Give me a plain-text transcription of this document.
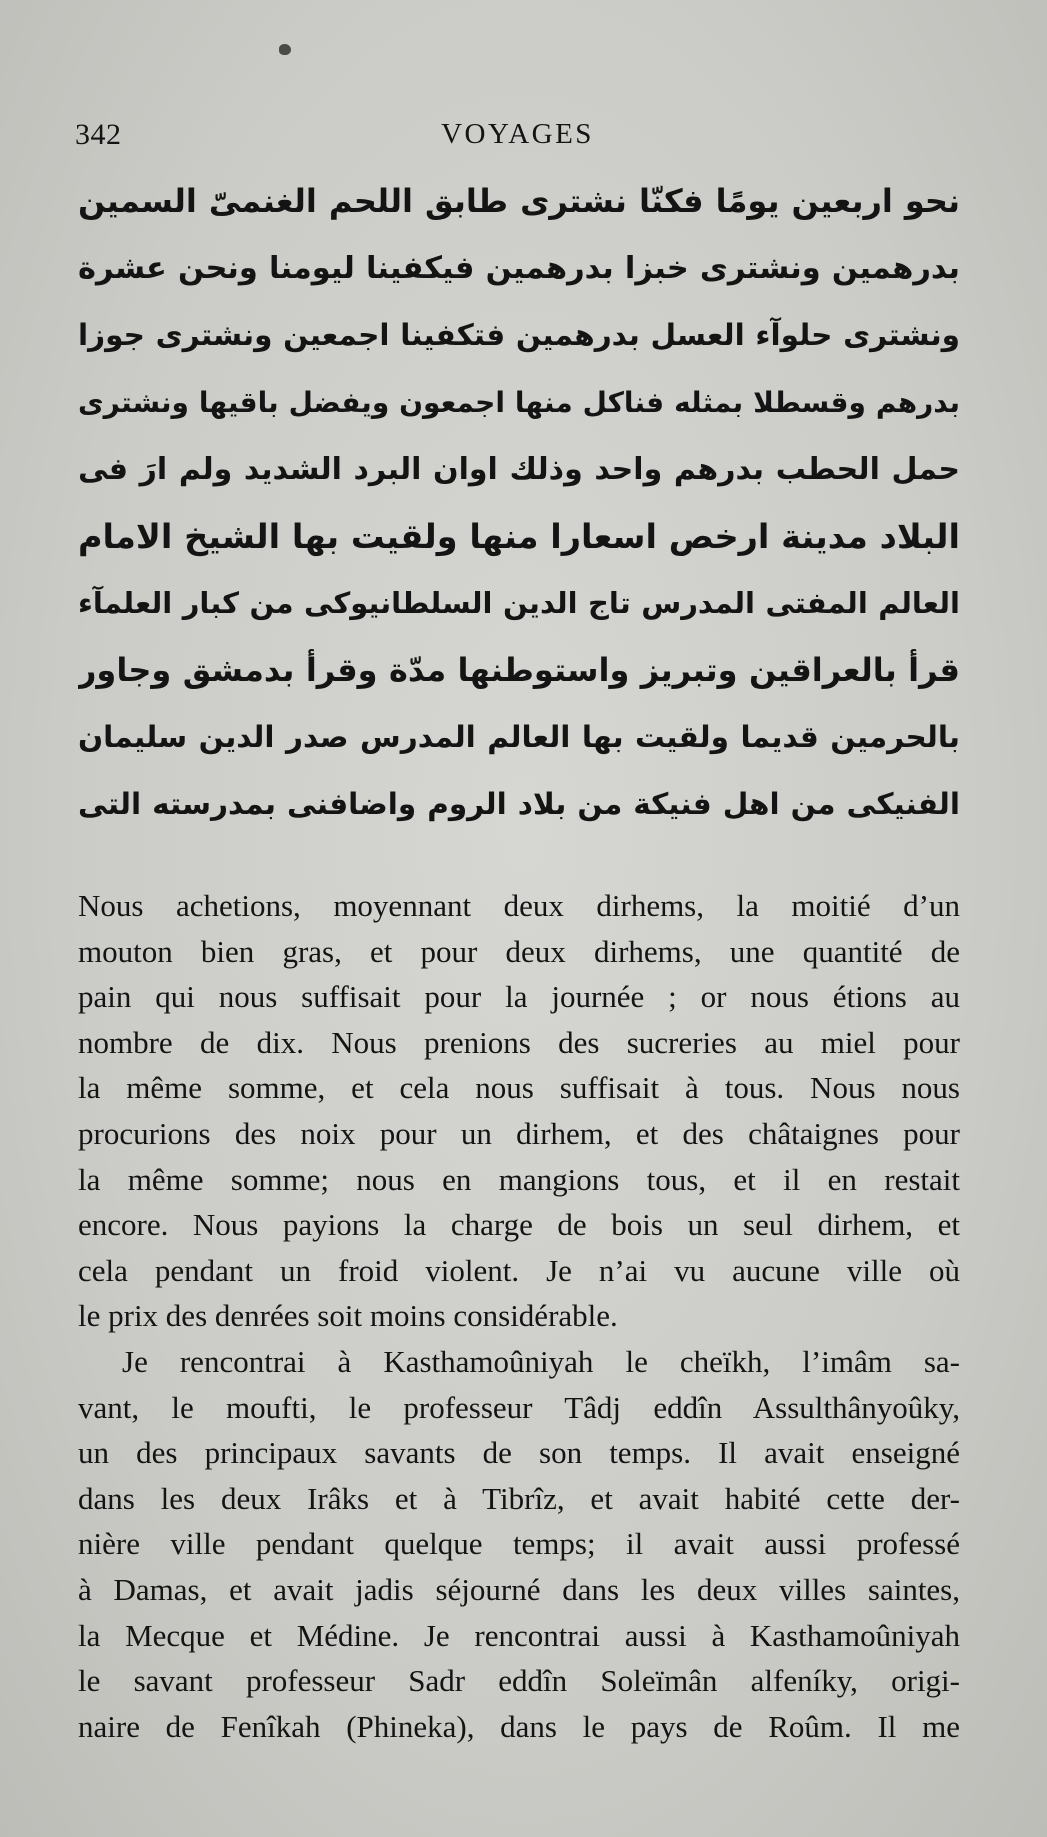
342	VOYAGES
نحو اربعين يومًا فكنّا نشترى طابق اللحم الغنمىّ السمين
بدرهمين ونشترى خبزا بدرهمين فيكفينا ليومنا ونحن عشرة
ونشترى حلوآء العسل بدرهمين فتكفينا اجمعين ونشترى جوزا
بدرهم وقسطلا بمثله فناكل منها اجمعون ويفضل باقيها ونشترى
حمل الحطب بدرهم واحد وذلك اوان البرد الشديد ولم ارَ فى
البلاد مدينة ارخص اسعارا منها ولقيت بها الشيخ الامام
العالم المفتى المدرس تاج الدين السلطانيوكى من كبار العلمآء
قرأ بالعراقين وتبريز واستوطنها مدّة وقرأ بدمشق وجاور
بالحرمين قديما ولقيت بها العالم المدرس صدر الدين سليمان
الفنيكى من اهل فنيكة من بلاد الروم واضافنى بمدرسته التى
Nous achetions, moyennant deux dirhems, la moitié d’un
mouton bien gras, et pour deux dirhems, une quantité de
pain qui nous suffisait pour la journée ; or nous étions au
nombre de dix. Nous prenions des sucreries au miel pour
la même somme, et cela nous suffisait à tous. Nous nous
procurions des noix pour un dirhem, et des châtaignes pour
la même somme; nous en mangions tous, et il en restait
encore. Nous payions la charge de bois un seul dirhem, et
cela pendant un froid violent. Je n’ai vu aucune ville où
le prix des denrées soit moins considérable.
Je rencontrai à Kasthamoûniyah le cheïkh, l’imâm sa-
vant, le moufti, le professeur Tâdj eddîn Assulthânyoûky,
un des principaux savants de son temps. Il avait enseigné
dans les deux Irâks et à Tibrîz, et avait habité cette der-
nière ville pendant quelque temps; il avait aussi professé
à Damas, et avait jadis séjourné dans les deux villes saintes,
la Mecque et Médine. Je rencontrai aussi à Kasthamoûniyah
le savant professeur Sadr eddîn Soleïmân alfeníky, origi-
naire de Fenîkah (Phineka), dans le pays de Roûm. Il me
